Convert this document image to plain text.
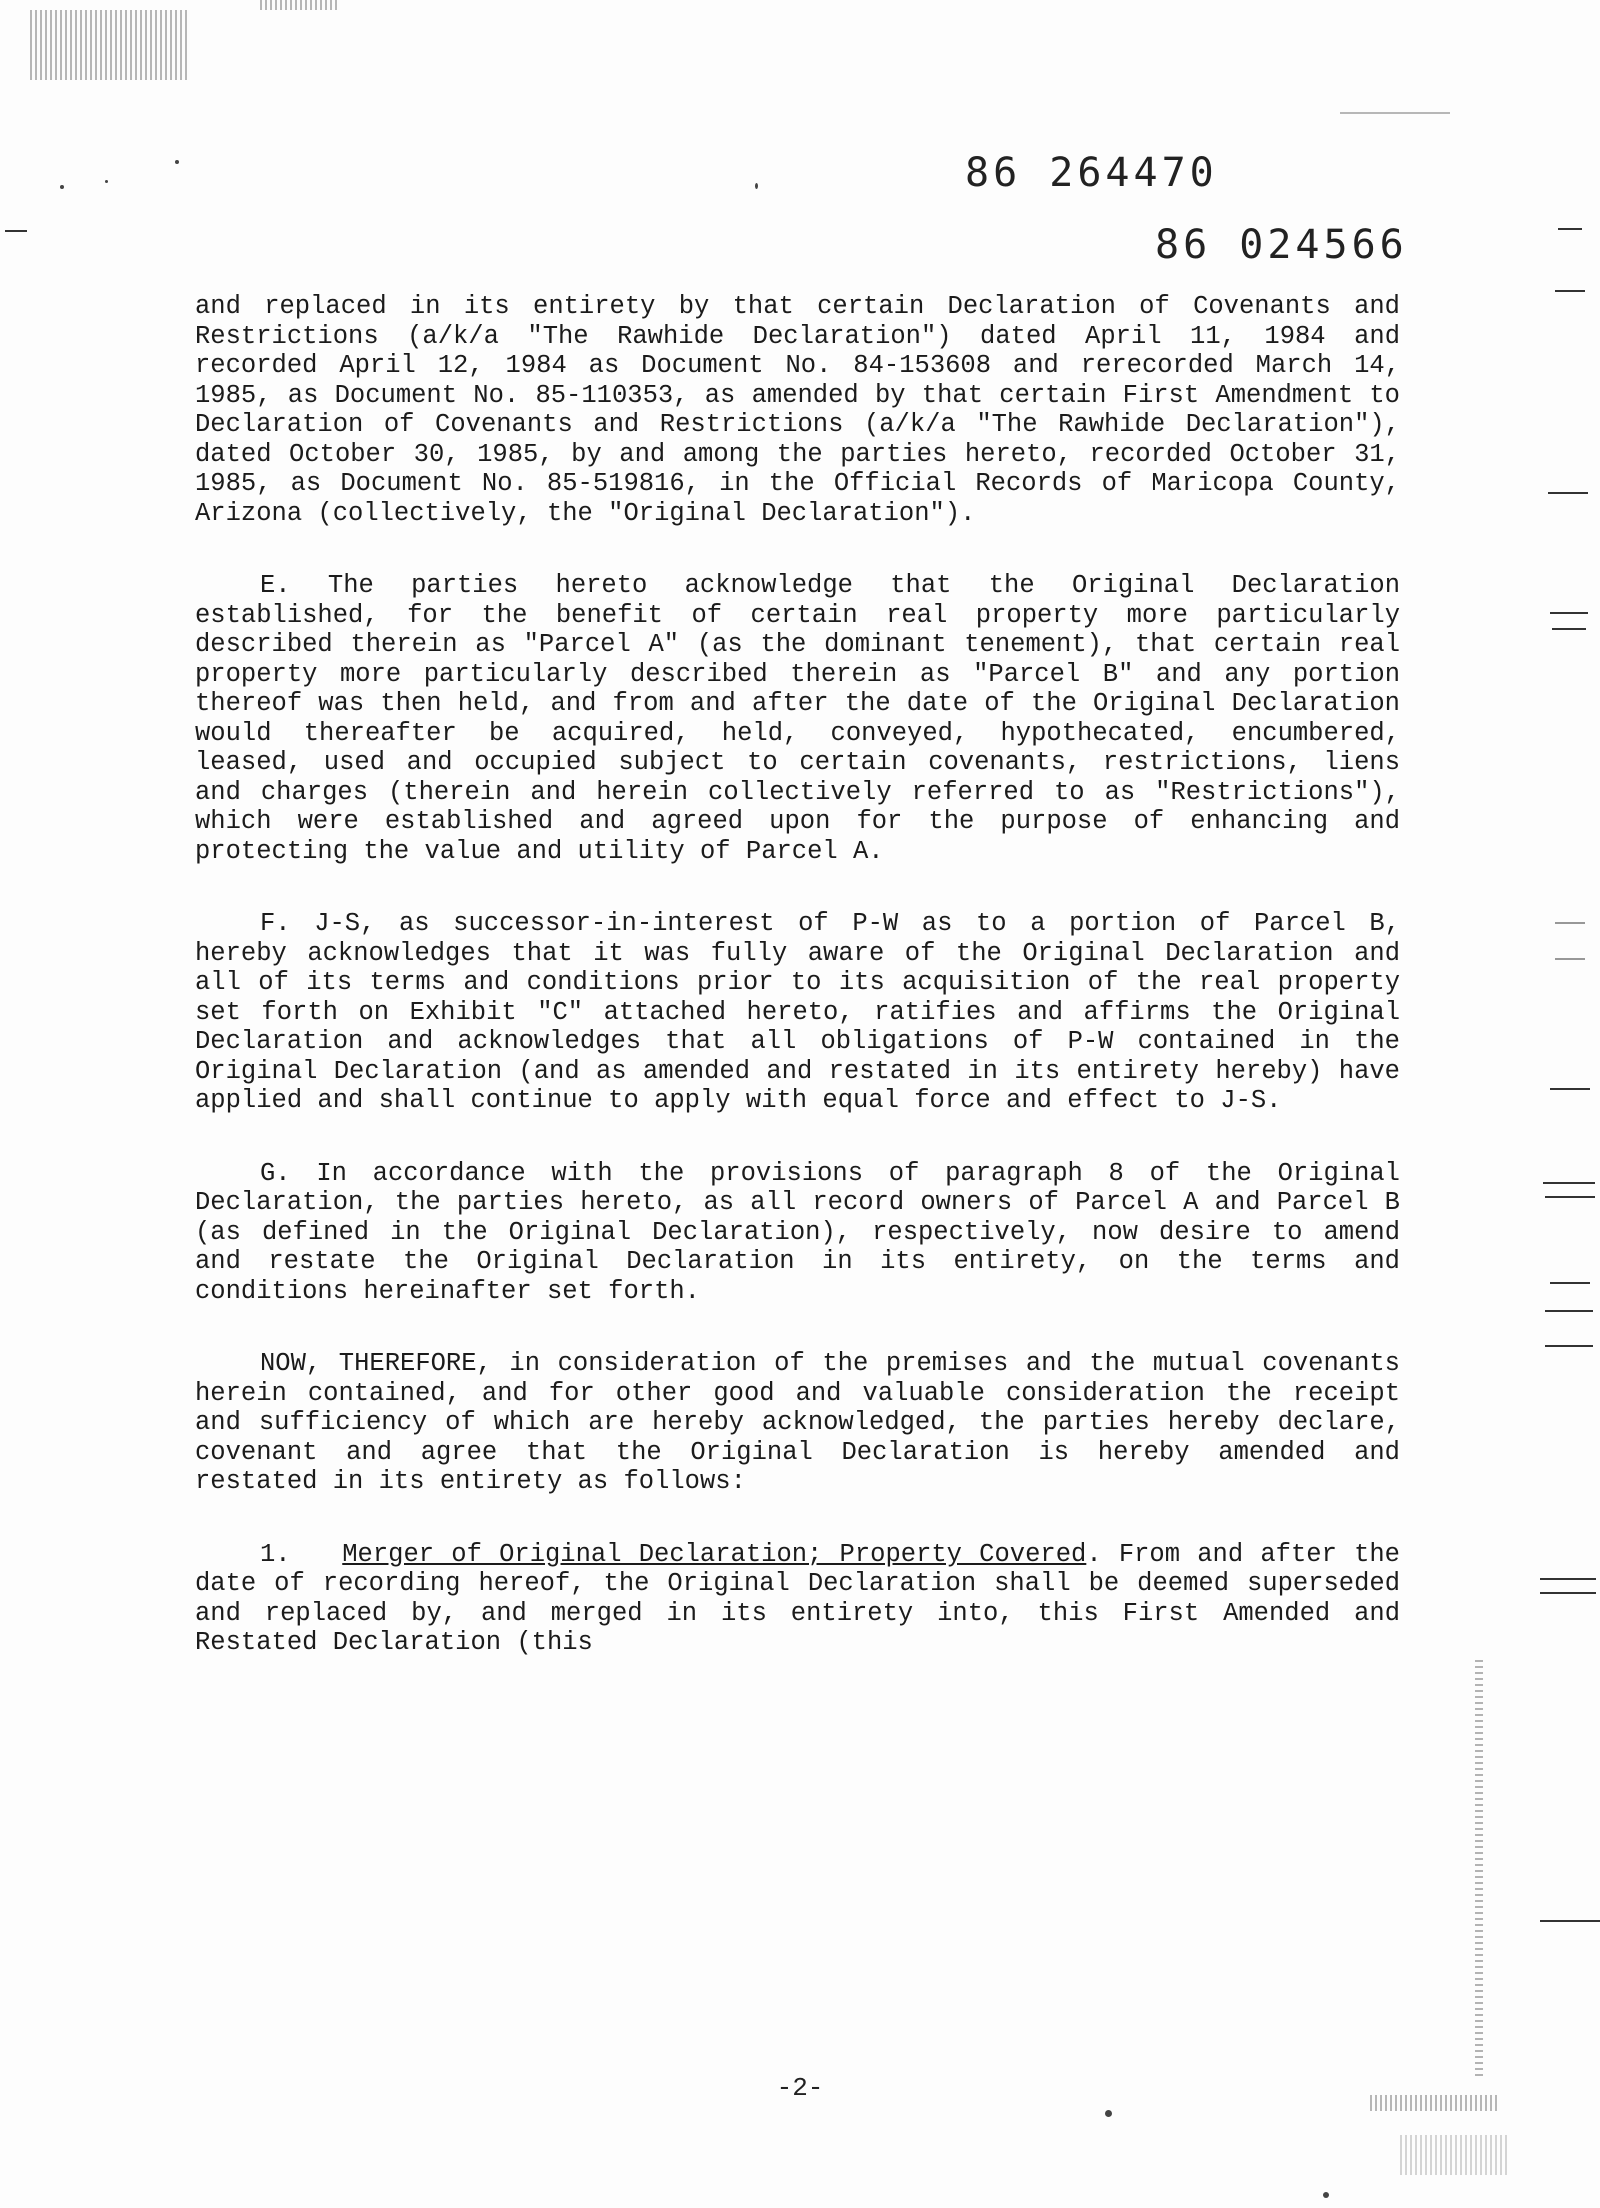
86 264470
86 024566

and replaced in its entirety by that certain Declaration of Covenants and Restrictions (a/k/a "The Rawhide Declaration") dated April 11, 1984 and recorded April 12, 1984 as Document No. 84-153608 and rerecorded March 14, 1985, as Document No. 85-110353, as amended by that certain First Amendment to Declaration of Covenants and Restrictions (a/k/a "The Rawhide Declaration"), dated October 30, 1985, by and among the parties hereto, recorded October 31, 1985, as Document No. 85-519816, in the Official Records of Maricopa County, Arizona (collectively, the "Original Declaration").

E. The parties hereto acknowledge that the Original Declaration established, for the benefit of certain real property more particularly described therein as "Parcel A" (as the dominant tenement), that certain real property more particularly described therein as "Parcel B" and any portion thereof was then held, and from and after the date of the Original Declaration would thereafter be acquired, held, conveyed, hypothecated, encumbered, leased, used and occupied subject to certain covenants, restrictions, liens and charges (therein and herein collectively referred to as "Restrictions"), which were established and agreed upon for the purpose of enhancing and protecting the value and utility of Parcel A.

F. J-S, as successor-in-interest of P-W as to a portion of Parcel B, hereby acknowledges that it was fully aware of the Original Declaration and all of its terms and conditions prior to its acquisition of the real property set forth on Exhibit "C" attached hereto, ratifies and affirms the Original Declaration and acknowledges that all obligations of P-W contained in the Original Declaration (and as amended and restated in its entirety hereby) have applied and shall continue to apply with equal force and effect to J-S.

G. In accordance with the provisions of paragraph 8 of the Original Declaration, the parties hereto, as all record owners of Parcel A and Parcel B (as defined in the Original Declaration), respectively, now desire to amend and restate the Original Declaration in its entirety, on the terms and conditions hereinafter set forth.

NOW, THEREFORE, in consideration of the premises and the mutual covenants herein contained, and for other good and valuable consideration the receipt and sufficiency of which are hereby acknowledged, the parties hereby declare, covenant and agree that the Original Declaration is hereby amended and restated in its entirety as follows:

1. Merger of Original Declaration; Property Covered. From and after the date of recording hereof, the Original Declaration shall be deemed superseded and replaced by, and merged in its entirety into, this First Amended and Restated Declaration (this

-2-
